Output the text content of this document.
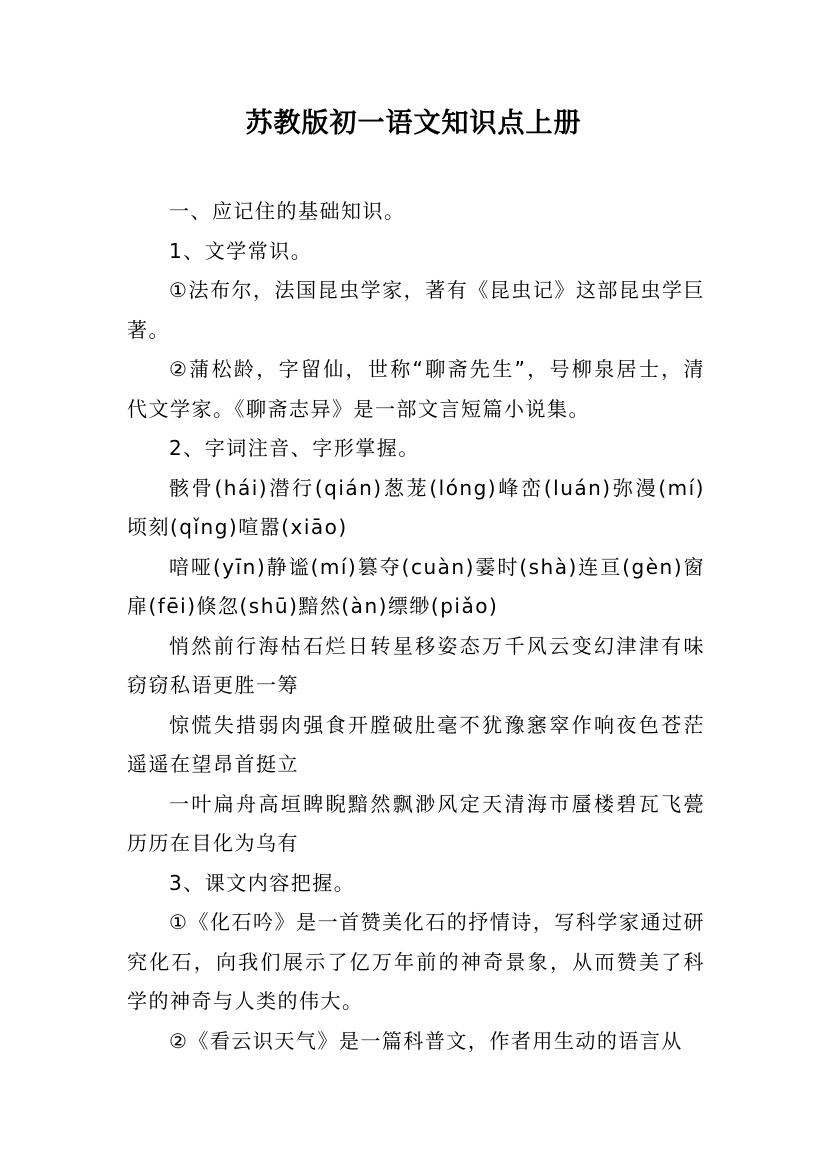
苏教版初一语文知识点上册

一、应记住的基础知识。

1、文学常识。

①法布尔，法国昆虫学家，著有《昆虫记》这部昆虫学巨著。

②蒲松龄，字留仙，世称“聊斋先生”，号柳泉居士，清代文学家。《聊斋志异》是一部文言短篇小说集。

2、字词注音、字形掌握。

骸骨(hái)潜行(qián)葱茏(lóng)峰峦(luán)弥漫(mí)顷刻(qǐng)喧嚣(xiāo)

喑哑(yīn)静谧(mí)篡夺(cuàn)霎时(shà)连亘(gèn)窗扉(fēi)倏忽(shū)黯然(àn)缥缈(piǎo)

悄然前行海枯石烂日转星移姿态万千风云变幻津津有味窃窃私语更胜一筹

惊慌失措弱肉强食开膛破肚毫不犹豫窸窣作响夜色苍茫遥遥在望昂首挺立

一叶扁舟高垣睥睨黯然飘渺风定天清海市蜃楼碧瓦飞甍历历在目化为乌有

3、课文内容把握。

①《化石吟》是一首赞美化石的抒情诗，写科学家通过研究化石，向我们展示了亿万年前的神奇景象，从而赞美了科学的神奇与人类的伟大。

②《看云识天气》是一篇科普文，作者用生动的语言从
